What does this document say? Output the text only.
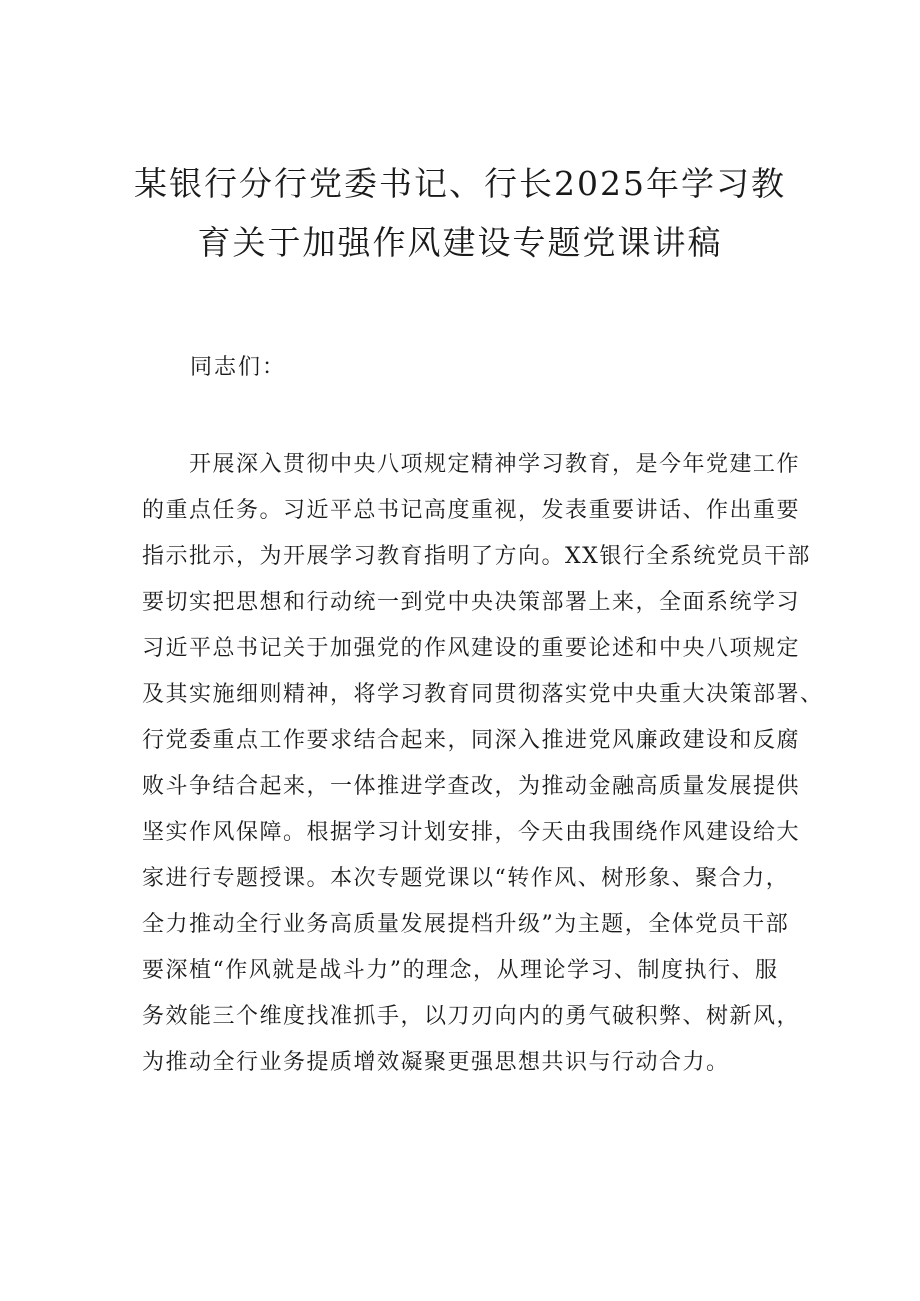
某银行分行党委书记、行长2025年学习教
育关于加强作风建设专题党课讲稿
同志们：
　　开展深入贯彻中央八项规定精神学习教育，是今年党建工作
的重点任务。习近平总书记高度重视，发表重要讲话、作出重要
指示批示，为开展学习教育指明了方向。XX银行全系统党员干部
要切实把思想和行动统一到党中央决策部署上来，全面系统学习
习近平总书记关于加强党的作风建设的重要论述和中央八项规定
及其实施细则精神，将学习教育同贯彻落实党中央重大决策部署、
行党委重点工作要求结合起来，同深入推进党风廉政建设和反腐
败斗争结合起来，一体推进学查改，为推动金融高质量发展提供
坚实作风保障。根据学习计划安排，今天由我围绕作风建设给大
家进行专题授课。本次专题党课以“转作风、树形象、聚合力，
全力推动全行业务高质量发展提档升级”为主题，全体党员干部
要深植“作风就是战斗力”的理念，从理论学习、制度执行、服
务效能三个维度找准抓手，以刀刃向内的勇气破积弊、树新风，
为推动全行业务提质增效凝聚更强思想共识与行动合力。
